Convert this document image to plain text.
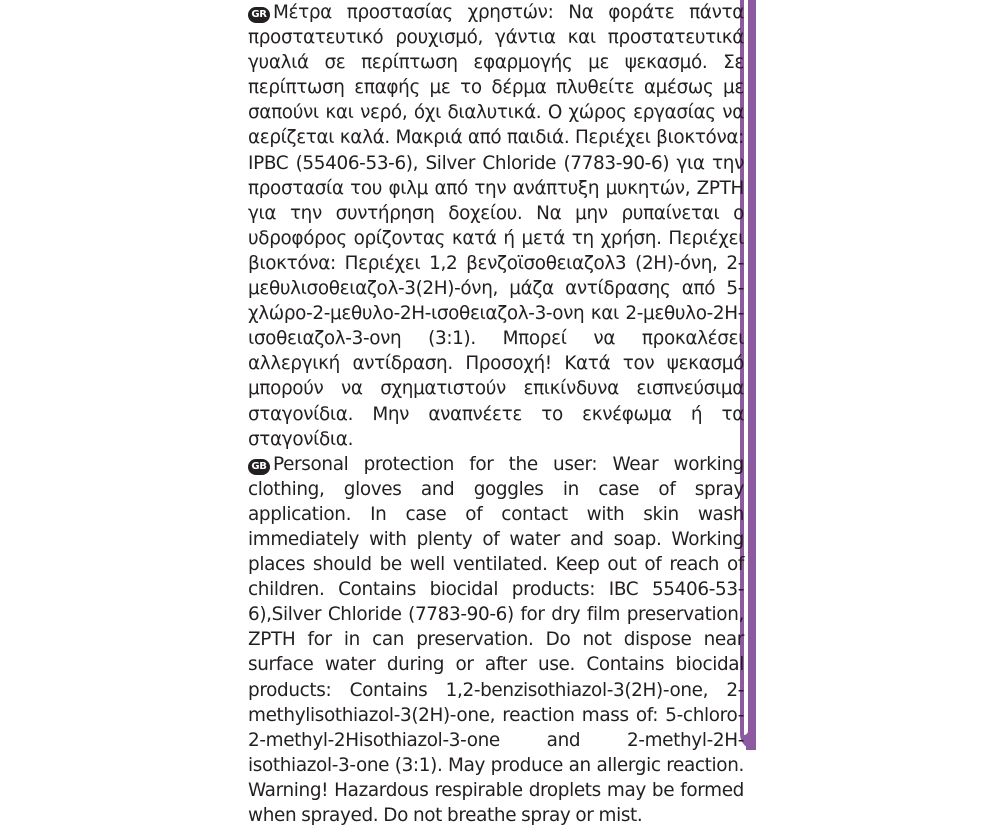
GR Μέτρα προστασίας χρηστών: Να φοράτε πάντα προστατευτικό ρουχισμό, γάντια και προστατευτικά γυαλιά σε περίπτωση εφαρμογής με ψεκασμό. Σε περίπτωση επαφής με το δέρμα πλυθείτε αμέσως με σαπούνι και νερό, όχι διαλυτικά. Ο χώρος εργασίας να αερίζεται καλά. Μακριά από παιδιά. Περιέχει βιοκτόνα: IPBC (55406-53-6), Silver Chloride (7783-90-6) για την προστασία του φιλμ από την ανάπτυξη μυκητών, ZPTH για την συντήρηση δοχείου. Να μην ρυπαίνεται ο υδροφόρος ορίζοντας κατά ή μετά τη χρήση. Περιέχει βιοκτόνα: Περιέχει 1,2 βενζοϊσοθειαζολ3 (2H)-όνη, 2-μεθυλισοθειαζολ-3(2H)-όνη, μάζα αντίδρασης από 5-χλώρο-2-μεθυλο-2H-ισοθειαζολ-3-ονη και 2-μεθυλο-2H-ισοθειαζολ-3-ονη (3:1). Μπορεί να προκαλέσει αλλεργική αντίδραση. Προσοχή! Κατά τον ψεκασμό μπορούν να σχηματιστούν επικίνδυνα εισπνεύσιμα σταγονίδια. Μην αναπνέετε το εκνέφωμα ή τα σταγονίδια.

GB Personal protection for the user: Wear working clothing, gloves and goggles in case of spray application. In case of contact with skin wash immediately with plenty of water and soap. Working places should be well ventilated. Keep out of reach of children. Contains biocidal products: IBC 55406-53-6),Silver Chloride (7783-90-6) for dry film preservation, ZPTH for in can preservation. Do not dispose near surface water during or after use. Contains biocidal products: Contains 1,2-benzisothiazol-3(2H)-one, 2-methylisothiazol-3(2H)-one, reaction mass of: 5-chloro-2-methyl-2Hisothiazol-3-one and 2-methyl-2H-isothiazol-3-one (3:1). May produce an allergic reaction. Warning! Hazardous respirable droplets may be formed when sprayed. Do not breathe spray or mist.
